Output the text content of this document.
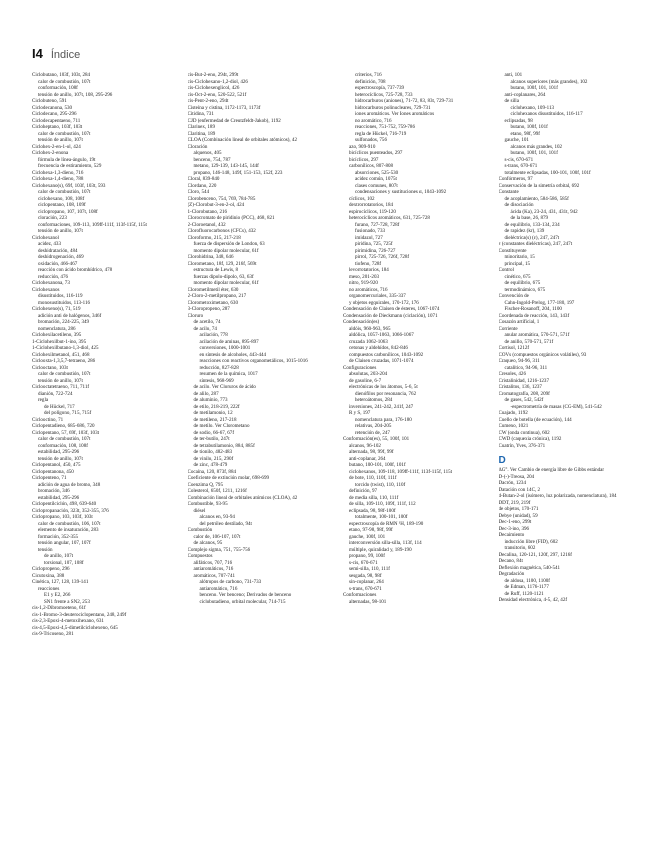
I4 Índice
Ciclobutano, 103f, 103t, 284
calor de combustión, 107t
conformación, 108f
tensión de anillo, 107t, 108, 295-296
Ciclobuteno, 591
Ciclodecanona, 530
Ciclodecano, 295-296
Ciclodecapentaeno, 711
Cicloheptano, 103f, 103t
calor de combustión, 107t
tensión de anillo, 107t
Ciclohex-2-en-1-ol, 424
Ciclohex-2-enona
fórmula de línea-ángulo, 19t
frecuencia de estiramiento, 529
Ciclohexa-1,3-dieno, 716
Ciclohexa-1,4-dieno, 788
Ciclohexano(s), 69f, 103f, 103t, 593
calor de combustión, 107t
ciclohexano, 108, 108f
ciclopentano, 108, 109f
ciclopropano, 107, 107t, 108f
cloración, 223
conformaciones, 109-113, 109ff-111f, 113f-115f, 115t
tensión de anillo, 107t
Ciclohexanol
acidez, 433
deshidratación, 484
deshidrogenación, 469
oxidación, 466-467
reacción con ácido bromhídrico, 478
reducción, 476
Ciclohexanona, 73
Ciclohexanos
disustituidos, 116-119
monosustituidos, 113-116
Ciclohexeno(s), 71, 519
adición anti de halógenos, 346f
bromación, 224-225, 349
nomenclatura, 286
Ciclohexilacetileno, 395
1-Ciclohexilbut-1-ino, 395
1-Ciclohexilbutano-1,3-diol, 425
Ciclohexilmetanol, 451, 468
Ciclooxta-1,3,5,7-tetraeno, 286
Ciclooctano, 103t
calor de combustión, 107t
tensión de anillo, 107t
Ciclooctatetraeno, 711, 711f
dianión, 722-724
regla
de Hückel, 717
del polígono, 715, 715f
Ciclooctino, 71
Ciclopentadieno, 685-686, 720
Ciclopentano, 57, 69f, 103f, 103t
calor de combustión, 107t
conformación, 108, 108f
estabilidad, 295-296
tensión de anillo, 107t
Ciclopentanol, 450, 475
Ciclopentanona, 450
Ciclopenteno, 71
adición de agua de bromo, 348
bromación, 346
estabilidad, 295-296
Ciclopentilciclón, 498, 639-640
Ciclopropanación, 323t, 352-355, 376
Ciclopropano, 103, 103f, 103t
calor de combustión, 106, 107t
elemento de insaturación, 283
formación, 352-355
tensión angular, 107, 107f
tensión
de anillo, 107t
torsional, 107, 108f
Ciclopropeno, 296
Cicutoxina, 388
Cinética, 127, 128, 139-141
reacciones
E1 y E2, 266
SN1 frente a SN2, 253
cis-1,2-Dibromoeteno, 61f
cis-1-Bromo-3-deuterociclopentano, 248, 249f
cis-2,3-Epoxi-4-metoxihexano, 631
cis-4,5-Epoxi-4,5-dimetilciclohexeno, 645
cis-9-Tricoseno, 281
cis-But-2-eno, 294t, 299t
cis-Ciclohexano-1,2-diol, 426
cis-Ciclohexenglicol, 426
cis-Oct-2-eno, 520-522, 521f
cis-Pent-2-eno, 294t
Cisteína y cistina, 1172-1173, 1173f
Citidina, 731
CJD (enfermedad de Creutzfeldt-Jakob), 1192
Clarinex, 189
Claritina, 189
CLOA (Combinación lineal de orbitales atómicos), 42
Cloración
alquenos, 405
benceno, 754, 787
metano, 129-139, 143-145, 144f
propano, 146-148, 149f, 151-153, 152f, 223
Cloral, 839-840
Clordano, 220
Cloro, 544
Clorobenceno, 754, 769, 784-785
(Z)-Clorobut-3-en-2-ol, 424
1-Clorobutano, 216
Clorocromato de piridinio (PCC), 468, 821
2-Cloroetanol, 432
Clorofluorocarbonos (CFCs), 432
Cloroformo, 215, 217-218
fuerza de dispersión de London, 63
momento dipolar molecular, 61f
Clorohidrina, 348, 646
Clorometano, 18f, 129, 216f, 569t
estructura de Lewis, 8
fuerzas dipolo-dipolo, 63, 63f
momento dipolar molecular, 61f
Clorometilmetil éter, 630
2-Cloro-2-metilpropano, 217
Clorometoximetano, 630
3-Cloropropeno, 287
Cloruro
de acetilo, 74
de acilo, 74
acilación, 778
acilación de aminas, 895-897
conversiones, 1000-1001
en síntesis de alcoholes, 443-444
reacciones con reactivos organometálicos, 1015-1016
reducción, 827-828
resumen de la química, 1017
síntesis, 968-969
de acilo. Ver Cloruros de ácido
de alilo, 287
de aluminio, 773
de etilo, 218-219, 222f
de metilamonio, 12
de metileno, 217-218
de metilo. Ver Clorometano
de sodio, 66-67, 67f
de ter-butilo, 247t
de tetrabutilamonio, 884, 885f
de tionilo, 482-483
de vinilo, 215, 290f
de zinc, 478-479
Cocaína, 120, 873f, 884
Coeficiente de extinción molar, 698-699
Coenzima Q, 795
Colesterol, 650f, 1211, 1216f
Combinación lineal de orbitales atómicos (CLOA), 42
Combustible, 93-95
diésel
alcanos en, 93-94
del petróleo destilado, 94t
Combustión
calor de, 106-107, 107t
de alcanos, 95
Complejo sigma, 751, 755-756
Compuestos
alifáticos, 707, 716
antiaromáticos, 716
aromáticos, 707-741
alótropos de carbono, 731-733
antiaromático, 716
benceno. Ver benceno; Derivados de benceno
ciclobutadieno, orbital molecular, 714-715
criterios, 716
definición, 708
espectroscopía, 737-739
heterocíclicos, 725-728, 733
hidrocarburos (aniones), 71-72, 83, 83t, 729-731
hidrocarburos polinucleares, 729-731
iones aromáticos. Ver Iones aromáticos
no aromático, 716
reacciones, 751-752, 759-786
regla de Hückel, 716-719
sulfonados, 756
azo, 909-910
bicíclicos puenteados, 297
bicíclicos, 297
carbonílicos, 807-808
absorciones, 525-530
acidez común, 1075t
clases comunes, 807t
condensaciones y sustituciones α, 1043-1092
cíclicos, 102
dextrorrotatorios, 184
espirocíclicos, 119-120
heterocíclicos aromáticos, 631, 725-728
furano, 727-728, 728f
fusionado, 733
imidazol, 727
piridina, 725, 725f
pirimidina, 726-727
pirrol, 725-726, 726f, 728f
tiofeno, 728f
levorrotatorios, 184
meso, 201-203
nitro, 919-920
no aromáticos, 716
organomercuriales, 335-337
y objetos egquirales, 170-172, 176
Condensación de Claisen de ésteres, 1067-1074
Condensación de Dieckmann (ciclación), 1071
Condensación(es)
aldóis, 960-963, 965
aldólica, 1057-1063, 1066-1067
cruzada 1062-1063
cetonas y aldehídos, 842-846
compuestos carbonílicos, 1043-1092
de Claisen cruzadas, 1071-1074
Configuraciones
absolutas, 203-204
de gasoline, 6-7
electrónicas de los átomos, 5-6, 5t
dienófilos por resonancia, 762
heteroátomos, 284
inversiones, 241-242, 241f, 247
R y S, 197
nomenclatura para, 176-180
relativas, 204-205
retención de, 247
Conformación(es), 55, 100f, 101
alcanos, 96-102
alternada, 98, 99f, 99f
anti-coplanar, 264
butano, 100-101, 100f, 101f
ciclohexanos, 109-118, 109ff-111f, 113f-115f, 115t
de bote, 110, 110f, 111f
torcido (twist), 110, 110f
definición, 97
de media silla, 110, 111f
de silla, 109-110, 109f, 111f, 112
eclipsada, 98, 98f-100f
totalmente, 100-101, 100f
espectroscopía de RMN ¹H, 189-190
etano, 97-98, 98f, 99f
gauche, 100f, 101
interconversión silla-silla, 113f, 114
múltiple, quiralidad y, 189-190
propano, 99, 100f
s-cis, 670-671
semi-silla, 110, 111f
sesgada, 98, 98f
sin-coplanar, 264
s-trans, 670-671
Conformaciones
alternadas, 98-101
anti, 101
alcanos superiores (más grandes), 102
butano, 100f, 101, 101f
anti-coplanares, 264
de silla
ciclohexano, 109-113
ciclohexanos disustituidos, 116-117
eclipsadas, 98
butano, 100f, 101f
etano, 98f, 99f
gauche, 101
alcanos más grandes, 102
butano, 100f, 101, 101f
s-cis, 670-671
s-trans, 670-671
totalmente eclipsadas, 100-101, 100f, 101f
Confórmeros, 97
Conservación de la simetría orbital, 692
Constante
de acoplamiento, 584-586, 585f
de disociación
ácida (Ka), 23-24, 431, 431t, 942
de la base, 26, 879
de equilibrio, 133-134, 234
de rapidez (kr), 139
dieléctrica(s) (ε), 247, 247t
ε (constantes dieléctricas), 247, 247t
Constituyente
minoritario, 15
principal, 15
Control
cinético, 675
de equilibrio, 675
termodinámico, 675
Convención de
Cahn-Ingold-Prelog, 177-180, 197
Fischer-Rosanoff, 204, 1100
Coordenada de reacción, 143, 143f
Cosazón artificial, 1
Corriente
anular aromática, 570-571, 571f
de anillo, 570-571, 571f
Cortisol, 1212f
COVs (compuestos orgánicos volátiles), 93
Craqueo, 94-96, 311
catalítico, 94-96, 311
Cresoles, 426
Cristalinidad, 1216-1237
Cristalitos, 136, 1237
Cromatografía, 208, 209f
de gases, 542, 542f
-espectrometría de masas (CG-EM), 541-542
Cuajado, 1192
Cuello de botella (de ecuación), 144
Cumeno, 1021
CW (onda continua), 602
CWD (caquexia crónica), 1192
Cuatrín, Yves, 376-371
D
ΔG°. Ver Cambio de energía libre de Gibbs estándar
D-(-)-Treosa, 204
Dacrón, 1234
Datación con 14C, 2
d-Butan-2-ol (isómero, luz polarizada, nomenclatura), 184
DDT, 219, 219f
de objetos, 170-171
Debye (unidad), 59
Dec-1-eno, 299t
Dec-3-ino, 396
Decaimiento
inducción libre (FID), 602
transitorio, 602
Decalina, 120-121, 120f, 297, 1216f
Decano, 84t
Deflexión magnética, 540-541
Degradación
de aldosa, 1100, 1100f
de Edman, 1176-1177
de Ruff, 1120-1121
Densidad electrónica, 4-5, 42, 42f
